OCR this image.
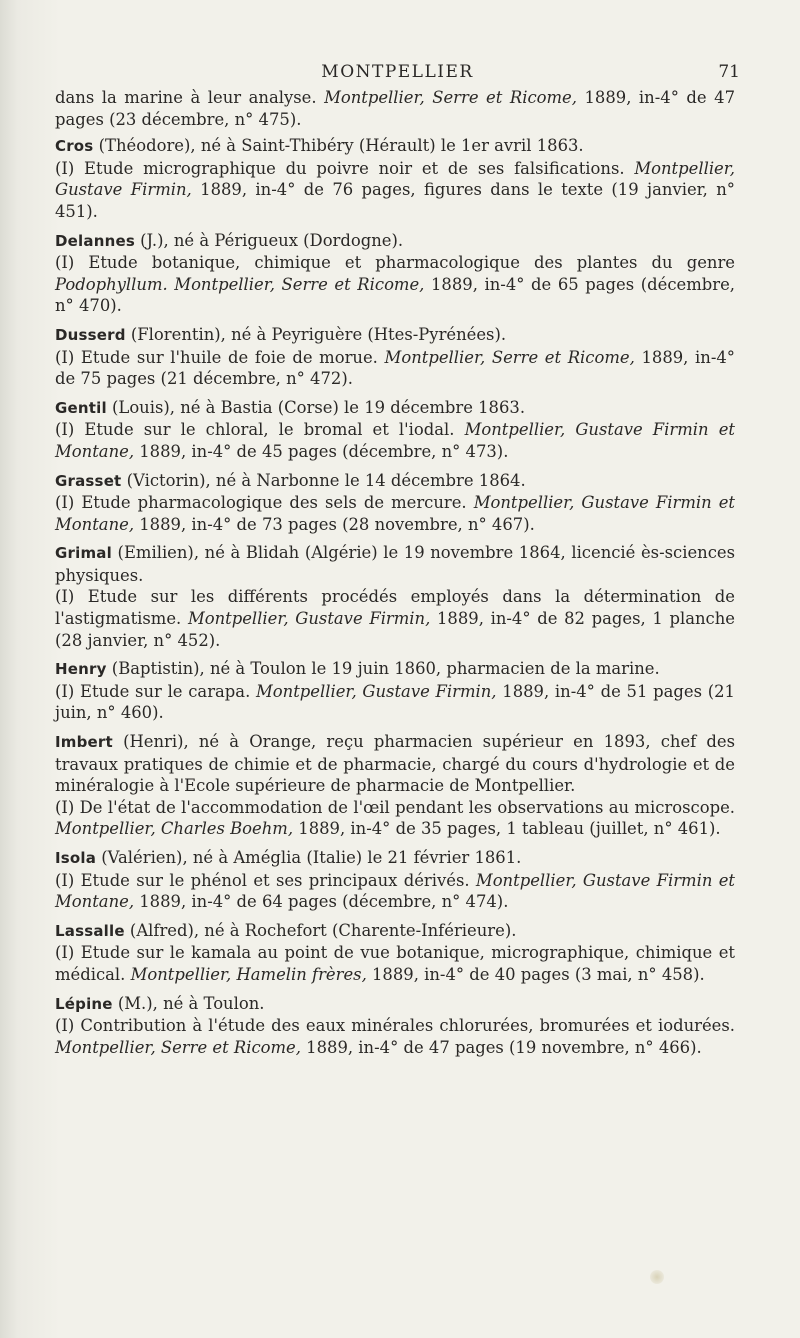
MONTPELLIER	71

dans la marine à leur analyse. Montpellier, Serre et Ricome, 1889, in-4° de 47 pages (23 décembre, n° 475).

Cros (Théodore), né à Saint-Thibéry (Hérault) le 1er avril 1863.

(I) Etude micrographique du poivre noir et de ses falsifications. Montpellier, Gustave Firmin, 1889, in-4° de 76 pages, figures dans le texte (19 janvier, n° 451).

Delannes (J.), né à Périgueux (Dordogne).

(I) Etude botanique, chimique et pharmacologique des plantes du genre Podophyllum. Montpellier, Serre et Ricome, 1889, in-4° de 65 pages (décembre, n° 470).

Dusserd (Florentin), né à Peyriguère (Htes-Pyrénées).

(I) Etude sur l'huile de foie de morue. Montpellier, Serre et Ricome, 1889, in-4° de 75 pages (21 décembre, n° 472).

Gentil (Louis), né à Bastia (Corse) le 19 décembre 1863.

(I) Etude sur le chloral, le bromal et l'iodal. Montpellier, Gustave Firmin et Montane, 1889, in-4° de 45 pages (décembre, n° 473).

Grasset (Victorin), né à Narbonne le 14 décembre 1864.

(I) Etude pharmacologique des sels de mercure. Montpellier, Gustave Firmin et Montane, 1889, in-4° de 73 pages (28 novembre, n° 467).

Grimal (Emilien), né à Blidah (Algérie) le 19 novembre 1864, licencié ès-sciences physiques.

(I) Etude sur les différents procédés employés dans la détermination de l'astigmatisme. Montpellier, Gustave Firmin, 1889, in-4° de 82 pages, 1 planche (28 janvier, n° 452).

Henry (Baptistin), né à Toulon le 19 juin 1860, pharmacien de la marine.

(I) Etude sur le carapa. Montpellier, Gustave Firmin, 1889, in-4° de 51 pages (21 juin, n° 460).

Imbert (Henri), né à Orange, reçu pharmacien supérieur en 1893, chef des travaux pratiques de chimie et de pharmacie, chargé du cours d'hydrologie et de minéralogie à l'Ecole supérieure de pharmacie de Montpellier.

(I) De l'état de l'accommodation de l'œil pendant les observations au microscope. Montpellier, Charles Boehm, 1889, in-4° de 35 pages, 1 tableau (juillet, n° 461).

Isola (Valérien), né à Améglia (Italie) le 21 février 1861.

(I) Etude sur le phénol et ses principaux dérivés. Montpellier, Gustave Firmin et Montane, 1889, in-4° de 64 pages (décembre, n° 474).

Lassalle (Alfred), né à Rochefort (Charente-Inférieure).

(I) Etude sur le kamala au point de vue botanique, micrographique, chimique et médical. Montpellier, Hamelin frères, 1889, in-4° de 40 pages (3 mai, n° 458).

Lépine (M.), né à Toulon.

(I) Contribution à l'étude des eaux minérales chlorurées, bromurées et iodurées. Montpellier, Serre et Ricome, 1889, in-4° de 47 pages (19 novembre, n° 466).
